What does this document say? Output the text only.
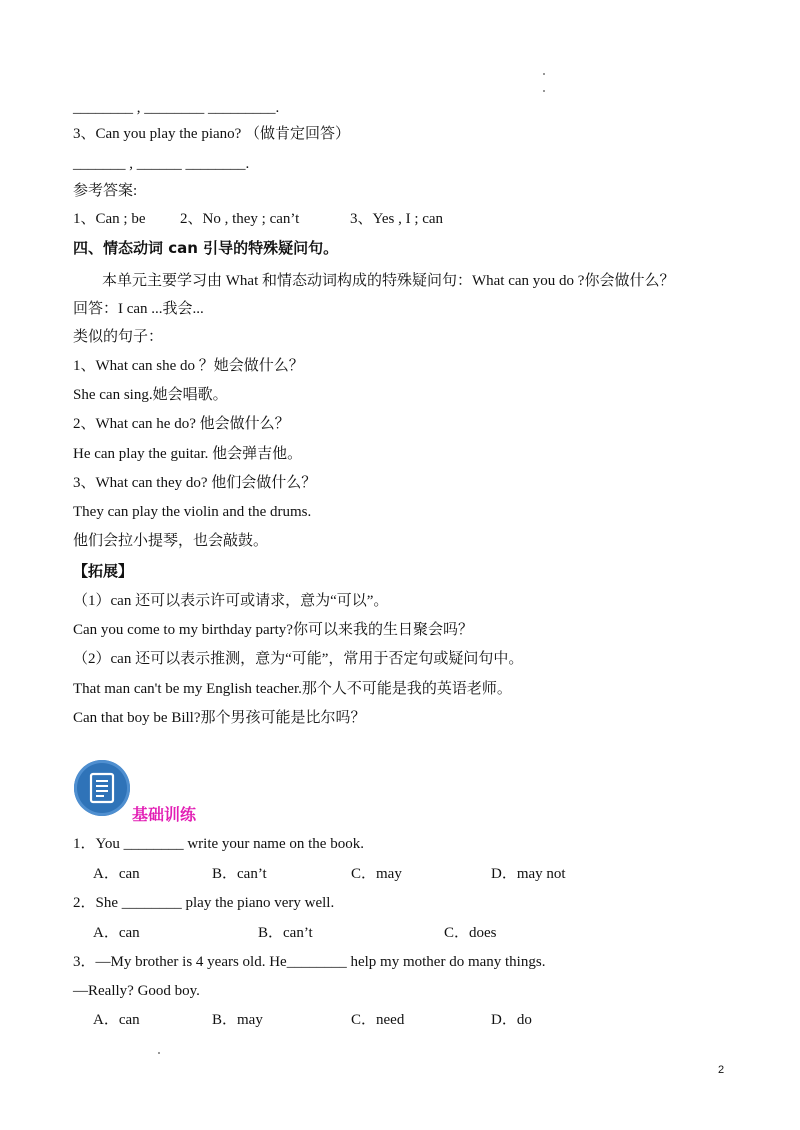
________ , ________ _________.
3、Can you play the piano? （做肯定回答）
_______ , ______ ________.
参考答案:
1、Can ; be 2、No , they ; can’t	3、Yes , I ; can
四、情态动词 can 引导的特殊疑问句。
本单元主要学习由 What 和情态动词构成的特殊疑问句：What can you do ?你会做什么？
回答：I can ...我会...
类似的句子：
1、What can she do ？她会做什么？
She can sing.她会唱歌。
2、What can he do? 他会做什么？
He can play the guitar. 他会弹吉他。
3、What can they do? 他们会做什么？
They can play the violin and the drums.
他们会拉小提琴，也会敲鼓。
【拓展】
（1）can 还可以表示许可或请求，意为“可以”。
Can you come to my birthday party?你可以来我的生日聚会吗？
（2）can 还可以表示推测，意为“可能”，常用于否定句或疑问句中。
That man can't be my English teacher.那个人不可能是我的英语老师。
Can that boy be Bill?那个男孩可能是比尔吗？
基础训练
1．You ________ write your name on the book.
A．can	B．can’t	C．may	D．may not
2．She ________ play the piano very well.
A．can	B．can’t	C．does
3．—My brother is 4 years old. He________ help my mother do many things.
—Really? Good boy.
A．can	B．may	C．need	D．do
2
